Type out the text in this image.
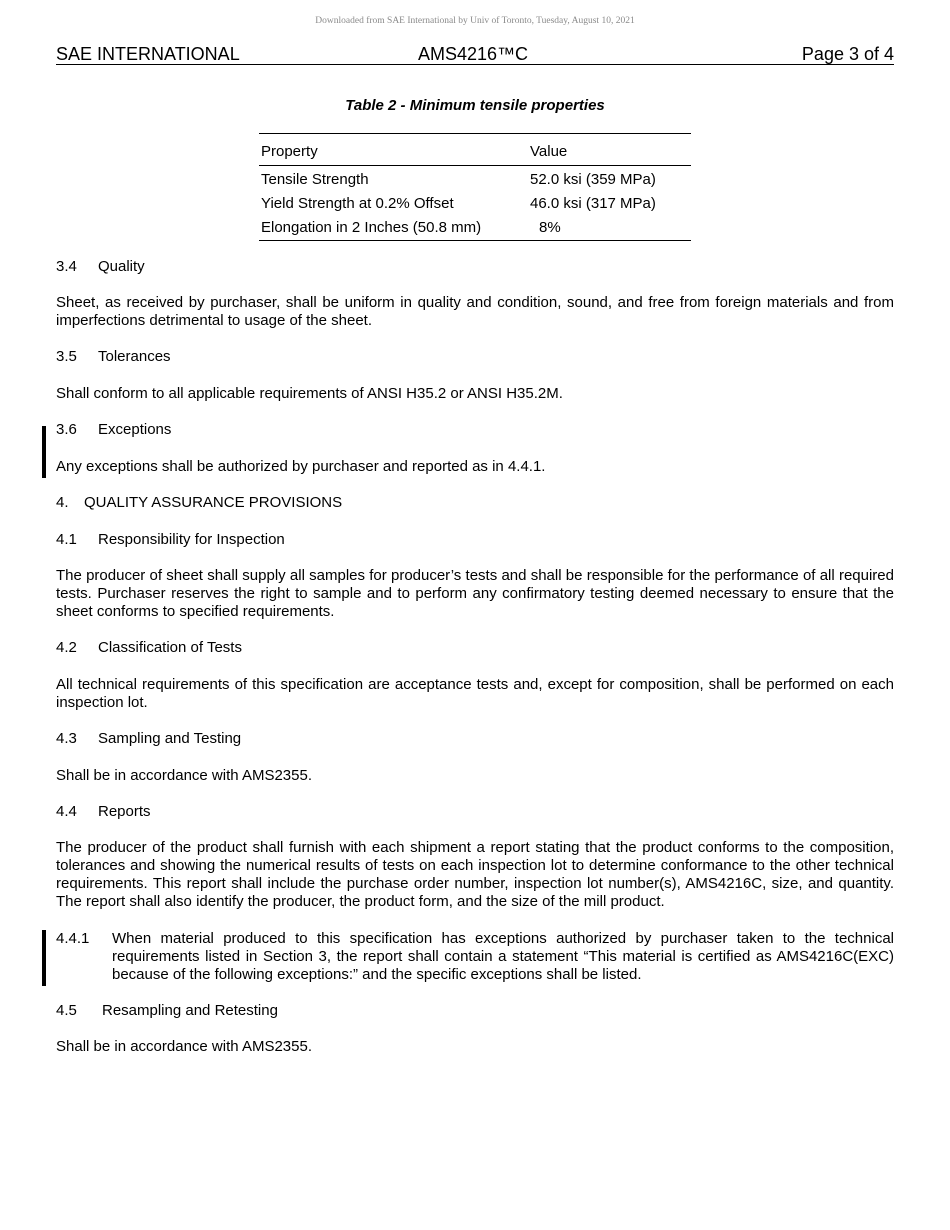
Downloaded from SAE International by Univ of Toronto, Tuesday, August 10, 2021
SAE INTERNATIONAL	AMS4216™C	Page 3 of 4
Table 2 - Minimum tensile properties
Property	Value
Tensile Strength	52.0 ksi (359 MPa)
Yield Strength at 0.2% Offset	46.0 ksi (317 MPa)
Elongation in 2 Inches (50.8 mm)	8%
3.4 Quality
Sheet, as received by purchaser, shall be uniform in quality and condition, sound, and free from foreign materials and from imperfections detrimental to usage of the sheet.
3.5 Tolerances
Shall conform to all applicable requirements of ANSI H35.2 or ANSI H35.2M.
3.6 Exceptions
Any exceptions shall be authorized by purchaser and reported as in 4.4.1.
4. QUALITY ASSURANCE PROVISIONS
4.1 Responsibility for Inspection
The producer of sheet shall supply all samples for producer’s tests and shall be responsible for the performance of all required tests. Purchaser reserves the right to sample and to perform any confirmatory testing deemed necessary to ensure that the sheet conforms to specified requirements.
4.2 Classification of Tests
All technical requirements of this specification are acceptance tests and, except for composition, shall be performed on each inspection lot.
4.3 Sampling and Testing
Shall be in accordance with AMS2355.
4.4 Reports
The producer of the product shall furnish with each shipment a report stating that the product conforms to the composition, tolerances and showing the numerical results of tests on each inspection lot to determine conformance to the other technical requirements. This report shall include the purchase order number, inspection lot number(s), AMS4216C, size, and quantity. The report shall also identify the producer, the product form, and the size of the mill product.
4.4.1 When material produced to this specification has exceptions authorized by purchaser taken to the technical requirements listed in Section 3, the report shall contain a statement “This material is certified as AMS4216C(EXC) because of the following exceptions:” and the specific exceptions shall be listed.
4.5 Resampling and Retesting
Shall be in accordance with AMS2355.
